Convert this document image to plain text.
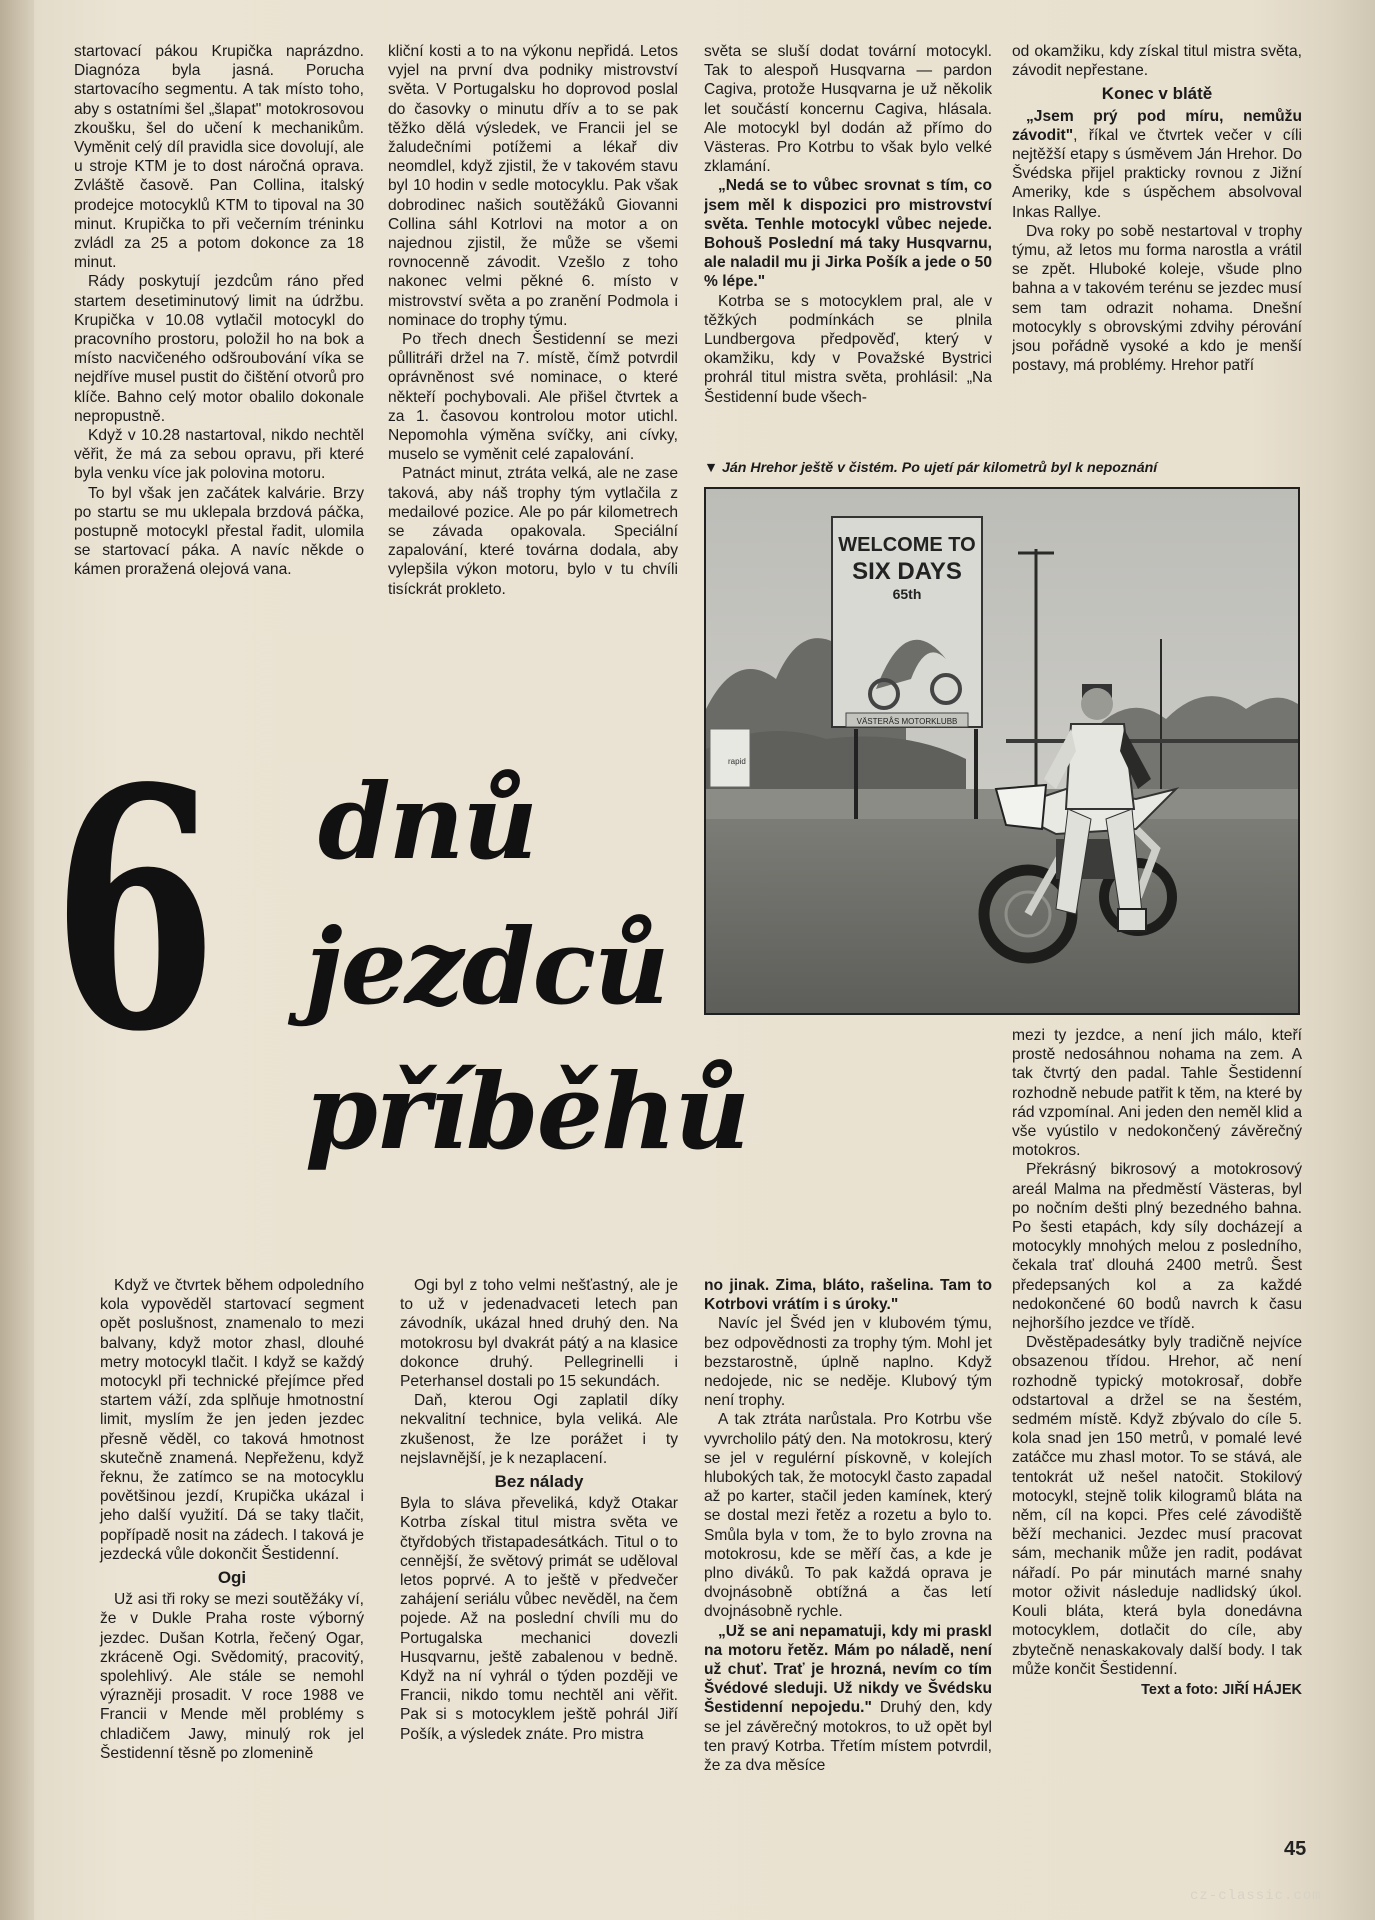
startovací pákou Krupička naprázdno. Diagnóza byla jasná. Porucha startovacího segmentu. A tak místo toho, aby s ostatními šel „šlapat" motokrosovou zkoušku, šel do učení k mechanikům. Vyměnit celý díl pravidla sice dovolují, ale u stroje KTM je to dost náročná oprava. Zvláště časově. Pan Collina, italský prodejce motocyklů KTM to tipoval na 30 minut. Krupička to při večerním tréninku zvládl za 25 a potom dokonce za 18 minut.

Rády poskytují jezdcům ráno před startem desetiminutový limit na údržbu. Krupička v 10.08 vytlačil motocykl do pracovního prostoru, položil ho na bok a místo nacvičeného odšroubování víka se nejdříve musel pustit do čištění otvorů pro klíče. Bahno celý motor obalilo dokonale nepropustně.

Když v 10.28 nastartoval, nikdo nechtěl věřit, že má za sebou opravu, při které byla venku více jak polovina motoru.

To byl však jen začátek kalvárie. Brzy po startu se mu uklepala brzdová páčka, postupně motocykl přestal řadit, ulomila se startovací páka. A navíc někde o kámen proražená olejová vana.

kliční kosti a to na výkonu nepřidá. Letos vyjel na první dva podniky mistrovství světa. V Portugalsku ho doprovod poslal do časovky o minutu dřív a to se pak těžko dělá výsledek, ve Francii jel se žaludečními potížemi a lékař div neomdlel, když zjistil, že v takovém stavu byl 10 hodin v sedle motocyklu. Pak však dobrodinec našich soutěžáků Giovanni Collina sáhl Kotrlovi na motor a on najednou zjistil, že může se všemi rovnocenně závodit. Vzešlo z toho nakonec velmi pěkné 6. místo v mistrovství světa a po zranění Podmola i nominace do trophy týmu.

Po třech dnech Šestidenní se mezi půllitráři držel na 7. místě, čímž potvrdil oprávněnost své nominace, o které někteří pochybovali. Ale přišel čtvrtek a za 1. časovou kontrolou motor utichl. Nepomohla výměna svíčky, ani cívky, muselo se vyměnit celé zapalování.

Patnáct minut, ztráta velká, ale ne zase taková, aby náš trophy tým vytlačila z medailové pozice. Ale po pár kilometrech se závada opakovala. Speciální zapalování, které továrna dodala, aby vylepšila výkon motoru, bylo v tu chvíli tisíckrát prokleto.

světa se sluší dodat tovární motocykl. Tak to alespoň Husqvarna — pardon Cagiva, protože Husqvarna je už několik let součástí koncernu Cagiva, hlásala. Ale motocykl byl dodán až přímo do Västeras. Pro Kotrbu to však bylo velké zklamání.

„Nedá se to vůbec srovnat s tím, co jsem měl k dispozici pro mistrovství světa. Tenhle motocykl vůbec nejede. Bohouš Poslední má taky Husqvarnu, ale naladil mu ji Jirka Pošík a jede o 50 % lépe."

Kotrba se s motocyklem pral, ale v těžkých podmínkách se plnila Lundbergova předpověď, který v okamžiku, kdy v Považské Bystrici prohrál titul mistra světa, prohlásil: „Na Šestidenní bude všech-

od okamžiku, kdy získal titul mistra světa, závodit nepřestane.

Konec v blátě

„Jsem prý pod míru, nemůžu závodit", říkal ve čtvrtek večer v cíli nejtěžší etapy s úsměvem Ján Hrehor. Do Švédska přijel prakticky rovnou z Jižní Ameriky, kde s úspěchem absolvoval Inkas Rallye.

Dva roky po sobě nestartoval v trophy týmu, až letos mu forma narostla a vrátil se zpět. Hluboké koleje, všude plno bahna a v takovém terénu se jezdec musí sem tam odrazit nohama. Dnešní motocykly s obrovskými zdvihy pérování jsou pořádně vysoké a kdo je menší postavy, má problémy. Hrehor patří

▼ Ján Hrehor ještě v čistém. Po ujetí pár kilometrů byl k nepoznání
WELCOME TO
SIX DAYS
65th
VÄSTERÅS MOTORKLUBB
rapid
6 dnů
jezdců
příběhů

mezi ty jezdce, a není jich málo, kteří prostě nedosáhnou nohama na zem. A tak čtvrtý den padal. Tahle Šestidenní rozhodně nebude patřit k těm, na které by rád vzpomínal. Ani jeden den neměl klid a vše vyústilo v nedokončený závěrečný motokros.

Překrásný bikrosový a motokrosový areál Malma na předměstí Västeras, byl po nočním dešti plný bezedného bahna. Po šesti etapách, kdy síly docházejí a motocykly mnohých melou z posledního, čekala trať dlouhá 2400 metrů. Šest předepsaných kol a za každé nedokončené 60 bodů navrch k času nejhoršího jezdce ve třídě.

Dvěstěpadesátky byly tradičně nejvíce obsazenou třídou. Hrehor, ač není rozhodně typický motokrosař, dobře odstartoval a držel se na šestém, sedmém místě. Když zbývalo do cíle 5. kola snad jen 150 metrů, v pomalé levé zatáčce mu zhasl motor. To se stává, ale tentokrát už nešel natočit. Stokilový motocykl, stejně tolik kilogramů bláta na něm, cíl na kopci. Přes celé závodiště běží mechanici. Jezdec musí pracovat sám, mechanik může jen radit, podávat nářadí. Po pár minutách marné snahy motor oživit následuje nadlidský úkol. Kouli bláta, která byla donedávna motocyklem, dotlačit do cíle, aby zbytečně nenaskakovaly další body. I tak může končit Šestidenní.

Text a foto: JIŘÍ HÁJEK

Když ve čtvrtek během odpoledního kola vypověděl startovací segment opět poslušnost, znamenalo to mezi balvany, když motor zhasl, dlouhé metry motocykl tlačit. I když se každý motocykl při technické přejímce před startem váží, zda splňuje hmotnostní limit, myslím že jen jeden jezdec přesně věděl, co taková hmotnost skutečně znamená. Nepřeženu, když řeknu, že zatímco se na motocyklu povětšinou jezdí, Krupička ukázal i jeho další využití. Dá se taky tlačit, popřípadě nosit na zádech. I taková je jezdecká vůle dokončit Šestidenní.

Ogi

Už asi tři roky se mezi soutěžáky ví, že v Dukle Praha roste výborný jezdec. Dušan Kotrla, řečený Ogar, zkráceně Ogi. Svědomitý, pracovitý, spolehlivý. Ale stále se nemohl výrazněji prosadit. V roce 1988 ve Francii v Mende měl problémy s chladičem Jawy, minulý rok jel Šestidenní těsně po zlomenině

Ogi byl z toho velmi nešťastný, ale je to už v jedenadvaceti letech pan závodník, ukázal hned druhý den. Na motokrosu byl dvakrát pátý a na klasice dokonce druhý. Pellegrinelli i Peterhansel dostali po 15 sekundách.

Daň, kterou Ogi zaplatil díky nekvalitní technice, byla veliká. Ale zkušenost, že lze porážet i ty nejslavnější, je k nezaplacení.

Bez nálady

Byla to sláva převeliká, když Otakar Kotrba získal titul mistra světa ve čtyřdobých třistapadesátkách. Titul o to cennější, že světový primát se uděloval letos poprvé. A to ještě v předvečer zahájení seriálu vůbec nevěděl, na čem pojede. Až na poslední chvíli mu do Portugalska mechanici dovezli Husqvarnu, ještě zabalenou v bedně. Když na ní vyhrál o týden později ve Francii, nikdo tomu nechtěl ani věřit. Pak si s motocyklem ještě pohrál Jiří Pošík, a výsledek znáte. Pro mistra

no jinak. Zima, bláto, rašelina. Tam to Kotrbovi vrátím i s úroky."

Navíc jel Švéd jen v klubovém týmu, bez odpovědnosti za trophy tým. Mohl jet bezstarostně, úplně naplno. Když nedojede, nic se neděje. Klubový tým není trophy.

A tak ztráta narůstala. Pro Kotrbu vše vyvrcholilo pátý den. Na motokrosu, který se jel v regulérní pískovně, v kolejích hlubokých tak, že motocykl často zapadal až po karter, stačil jeden kamínek, který se dostal mezi řetěz a rozetu a bylo to. Smůla byla v tom, že to bylo zrovna na motokrosu, kde se měří čas, a kde je plno diváků. To pak každá oprava je dvojnásobně obtížná a čas letí dvojnásobně rychle.

„Už se ani nepamatuji, kdy mi praskl na motoru řetěz. Mám po náladě, není už chuť. Trať je hrozná, nevím co tím Švédové sleduji. Už nikdy ve Švédsku Šestidenní nepojedu." Druhý den, kdy se jel závěrečný motokros, to už opět byl ten pravý Kotrba. Třetím místem potvrdil, že za dva měsíce

45
cz-classic.com
